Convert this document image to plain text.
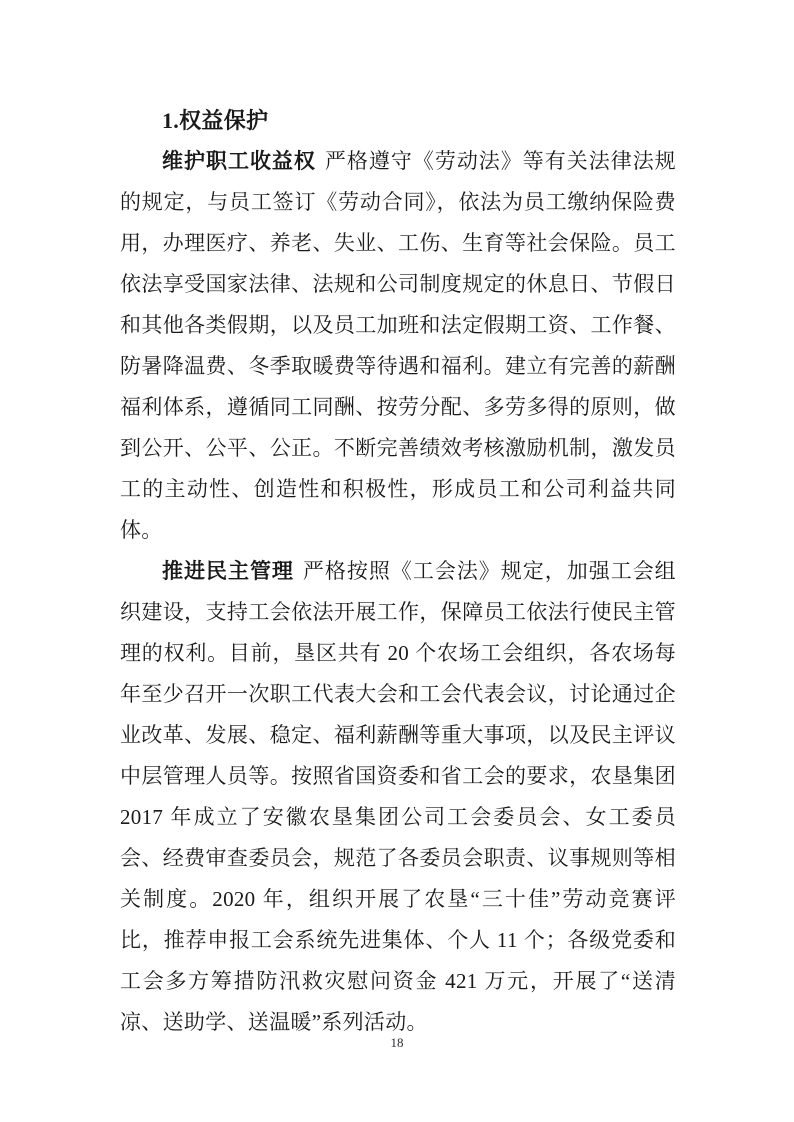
1.权益保护

维护职工收益权 严格遵守《劳动法》等有关法律法规的规定，与员工签订《劳动合同》，依法为员工缴纳保险费用，办理医疗、养老、失业、工伤、生育等社会保险。员工依法享受国家法律、法规和公司制度规定的休息日、节假日和其他各类假期，以及员工加班和法定假期工资、工作餐、防暑降温费、冬季取暖费等待遇和福利。建立有完善的薪酬福利体系，遵循同工同酬、按劳分配、多劳多得的原则，做到公开、公平、公正。不断完善绩效考核激励机制，激发员工的主动性、创造性和积极性，形成员工和公司利益共同体。

推进民主管理 严格按照《工会法》规定，加强工会组织建设，支持工会依法开展工作，保障员工依法行使民主管理的权利。目前，垦区共有 20 个农场工会组织，各农场每年至少召开一次职工代表大会和工会代表会议，讨论通过企业改革、发展、稳定、福利薪酬等重大事项，以及民主评议中层管理人员等。按照省国资委和省工会的要求，农垦集团 2017 年成立了安徽农垦集团公司工会委员会、女工委员会、经费审查委员会，规范了各委员会职责、议事规则等相关制度。2020 年，组织开展了农垦“三十佳”劳动竞赛评比，推荐申报工会系统先进集体、个人 11 个；各级党委和工会多方筹措防汛救灾慰问资金 421 万元，开展了“送清凉、送助学、送温暖”系列活动。

18
